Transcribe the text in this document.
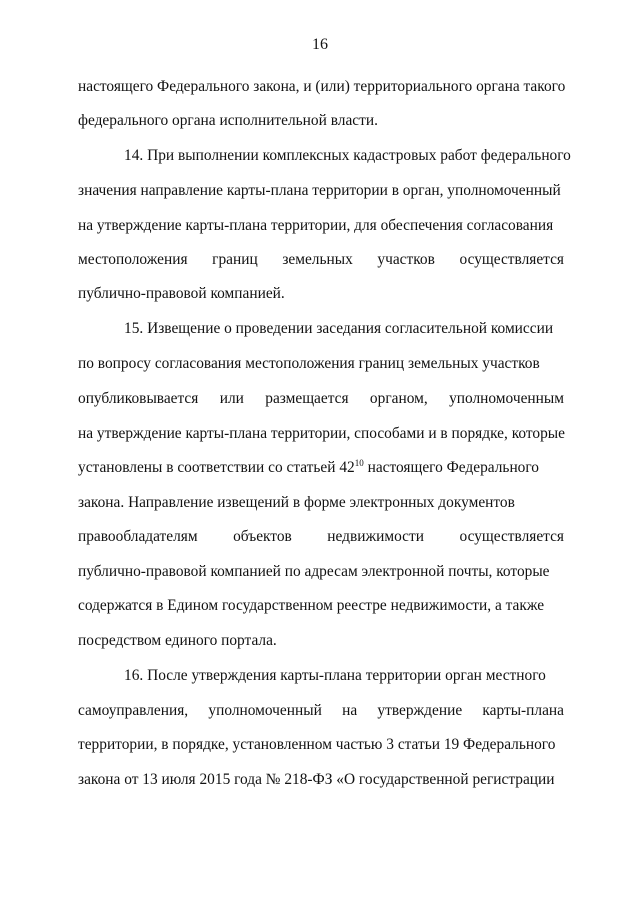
16
настоящего Федерального закона, и (или) территориального органа такого
федерального органа исполнительной власти.
14. При выполнении комплексных кадастровых работ федерального
значения направление карты-плана территории в орган, уполномоченный
на утверждение карты-плана территории, для обеспечения согласования
местоположения границ земельных участков осуществляется
публично-правовой компанией.
15. Извещение о проведении заседания согласительной комиссии
по вопросу согласования местоположения границ земельных участков
опубликовывается или размещается органом, уполномоченным
на утверждение карты-плана территории, способами и в порядке, которые
установлены в соответствии со статьей $42^{10}$ настоящего Федерального
закона. Направление извещений в форме электронных документов
правообладателям объектов недвижимости осуществляется
публично-правовой компанией по адресам электронной почты, которые
содержатся в Едином государственном реестре недвижимости, а также
посредством единого портала.
16. После утверждения карты-плана территории орган местного
самоуправления, уполномоченный на утверждение карты-плана
территории, в порядке, установленном частью 3 статьи 19 Федерального
закона от 13 июля 2015 года № 218-ФЗ «О государственной регистрации
